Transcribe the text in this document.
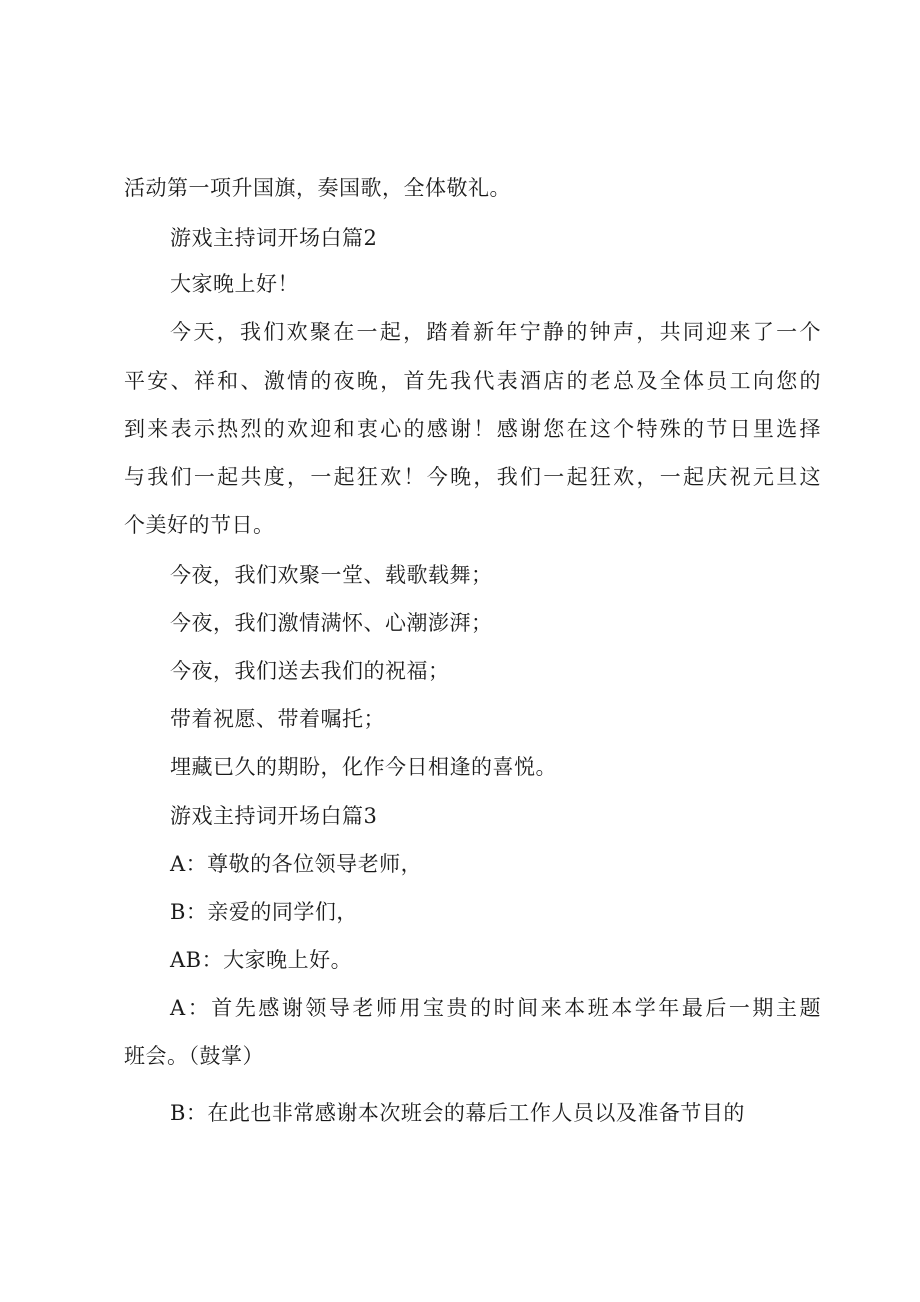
活动第一项升国旗，奏国歌，全体敬礼。
游戏主持词开场白篇2
大家晚上好！
今天，我们欢聚在一起，踏着新年宁静的钟声，共同迎来了一个
平安、祥和、激情的夜晚，首先我代表酒店的老总及全体员工向您的
到来表示热烈的欢迎和衷心的感谢！感谢您在这个特殊的节日里选择
与我们一起共度，一起狂欢！今晚，我们一起狂欢，一起庆祝元旦这
个美好的节日。
今夜，我们欢聚一堂、载歌载舞；
今夜，我们激情满怀、心潮澎湃；
今夜，我们送去我们的祝福；
带着祝愿、带着嘱托；
埋藏已久的期盼，化作今日相逢的喜悦。
游戏主持词开场白篇3
A：尊敬的各位领导老师，
B：亲爱的同学们，
AB：大家晚上好。
A：首先感谢领导老师用宝贵的时间来本班本学年最后一期主题
班会。（鼓掌）
B：在此也非常感谢本次班会的幕后工作人员以及准备节目的
